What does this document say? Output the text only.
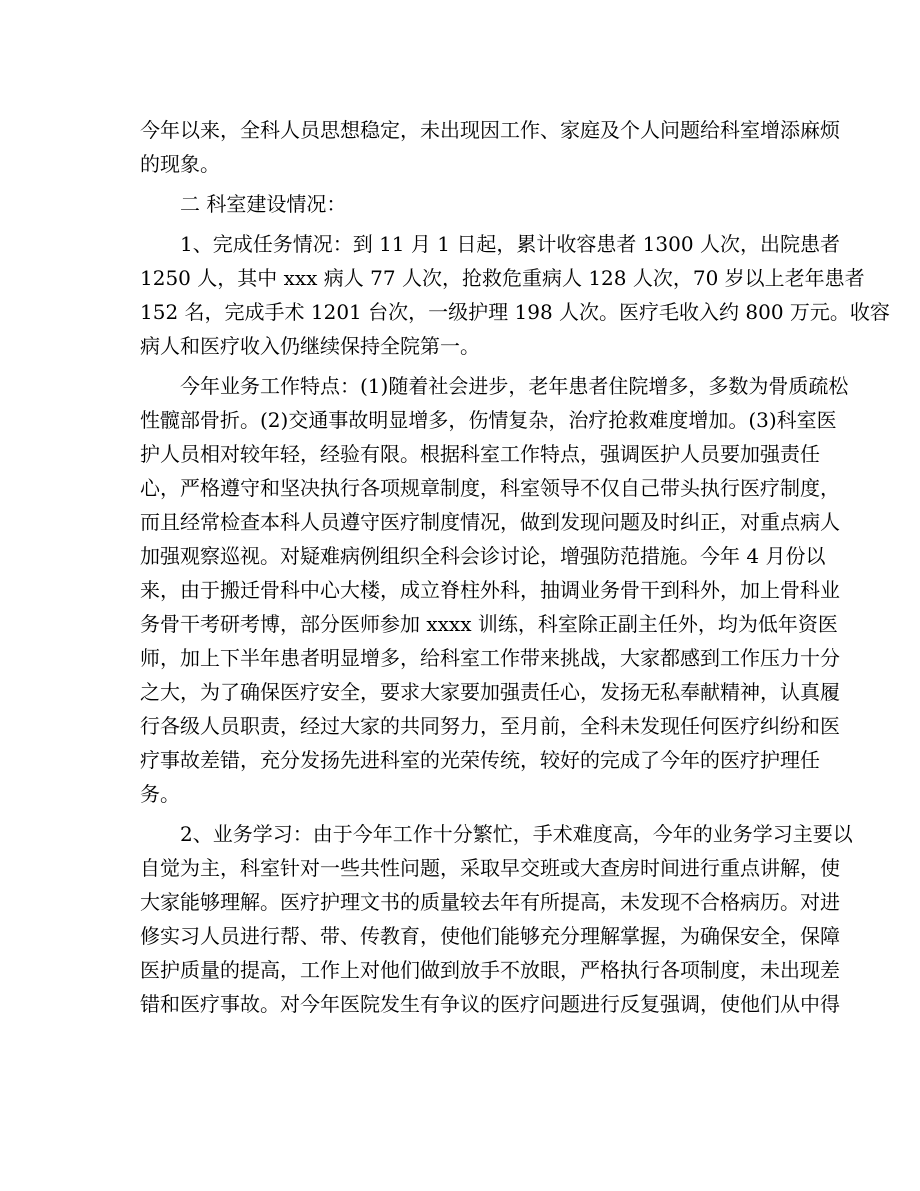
今年以来，全科人员思想稳定，未出现因工作、家庭及个人问题给科室增添麻烦
的现象。
　　二 科室建设情况：
　　1、完成任务情况：到 11 月 1 日起，累计收容患者 1300 人次，出院患者
1250 人，其中 xxx 病人 77 人次，抢救危重病人 128 人次，70 岁以上老年患者
152 名，完成手术 1201 台次，一级护理 198 人次。医疗毛收入约 800 万元。收容
病人和医疗收入仍继续保持全院第一。
　　今年业务工作特点：(1)随着社会进步，老年患者住院增多，多数为骨质疏松
性髋部骨折。(2)交通事故明显增多，伤情复杂，治疗抢救难度增加。(3)科室医
护人员相对较年轻，经验有限。根据科室工作特点，强调医护人员要加强责任
心，严格遵守和坚决执行各项规章制度，科室领导不仅自己带头执行医疗制度，
而且经常检查本科人员遵守医疗制度情况，做到发现问题及时纠正，对重点病人
加强观察巡视。对疑难病例组织全科会诊讨论，增强防范措施。今年 4 月份以
来，由于搬迁骨科中心大楼，成立脊柱外科，抽调业务骨干到科外，加上骨科业
务骨干考研考博，部分医师参加 xxxx 训练，科室除正副主任外，均为低年资医
师，加上下半年患者明显增多，给科室工作带来挑战，大家都感到工作压力十分
之大，为了确保医疗安全，要求大家要加强责任心，发扬无私奉献精神，认真履
行各级人员职责，经过大家的共同努力，至月前，全科未发现任何医疗纠纷和医
疗事故差错，充分发扬先进科室的光荣传统，较好的完成了今年的医疗护理任
务。
　　2、业务学习：由于今年工作十分繁忙，手术难度高，今年的业务学习主要以
自觉为主，科室针对一些共性问题，采取早交班或大查房时间进行重点讲解，使
大家能够理解。医疗护理文书的质量较去年有所提高，未发现不合格病历。对进
修实习人员进行帮、带、传教育，使他们能够充分理解掌握，为确保安全，保障
医护质量的提高，工作上对他们做到放手不放眼，严格执行各项制度，未出现差
错和医疗事故。对今年医院发生有争议的医疗问题进行反复强调，使他们从中得
